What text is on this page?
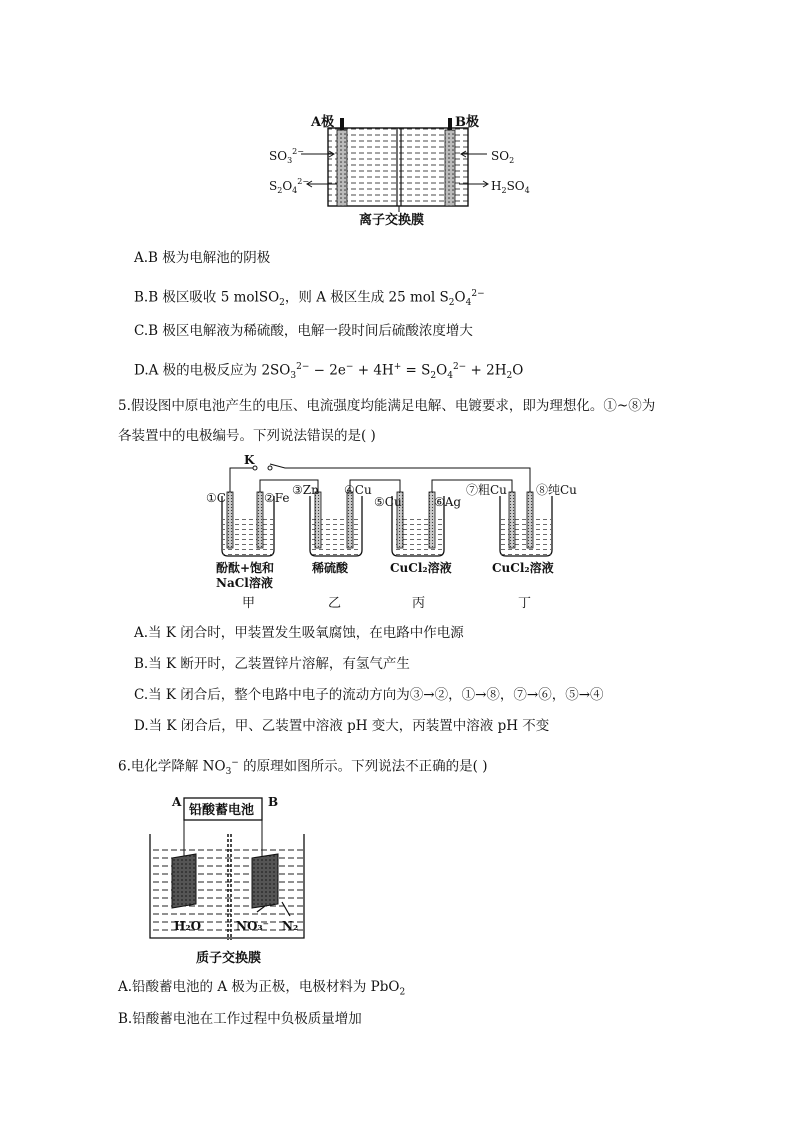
A极	B极
$SO_3^{2-}$
$S_2O_4^{2-}$
$SO_2$
$H_2SO_4$
离子交换膜
A.B 极为电解池的阴极
B.B 极区吸收 5 molSO$_2$，则 A 极区生成 25 mol $S_2O_4^{2-}$
C.B 极区电解液为稀硫酸，电解一段时间后硫酸浓度增大
D.A 极的电极反应为 $2SO_3^{2-} - 2e^- + 4H^+ = S_2O_4^{2-} + 2H_2O$
5.假设图中原电池产生的电压、电流强度均能满足电解、电镀要求，即为理想化。①~⑧为
各装置中的电极编号。下列说法错误的是( )
K
①C	②Fe
③Zn ④Cu
⑤Cu	⑥Ag
⑦粗Cu ⑧纯Cu
酚酞+饱和
NaCl溶液
稀硫酸	CuCl₂溶液	CuCl₂溶液
甲	乙	丙	丁
A.当 K 闭合时，甲装置发生吸氧腐蚀，在电路中作电源
B.当 K 断开时，乙装置锌片溶解，有氢气产生
C.当 K 闭合后，整个电路中电子的流动方向为③→②，①→⑧，⑦→⑥，⑤→④
D.当 K 闭合后，甲、乙装置中溶液 pH 变大，丙装置中溶液 pH 不变
6.电化学降解 $NO_3^-$ 的原理如图所示。下列说法不正确的是( )
铅酸蓄电池
A	B
H₂O	NO₃⁻ N₂
质子交换膜
A.铅酸蓄电池的 A 极为正极，电极材料为 PbO$_2$
B.铅酸蓄电池在工作过程中负极质量增加
